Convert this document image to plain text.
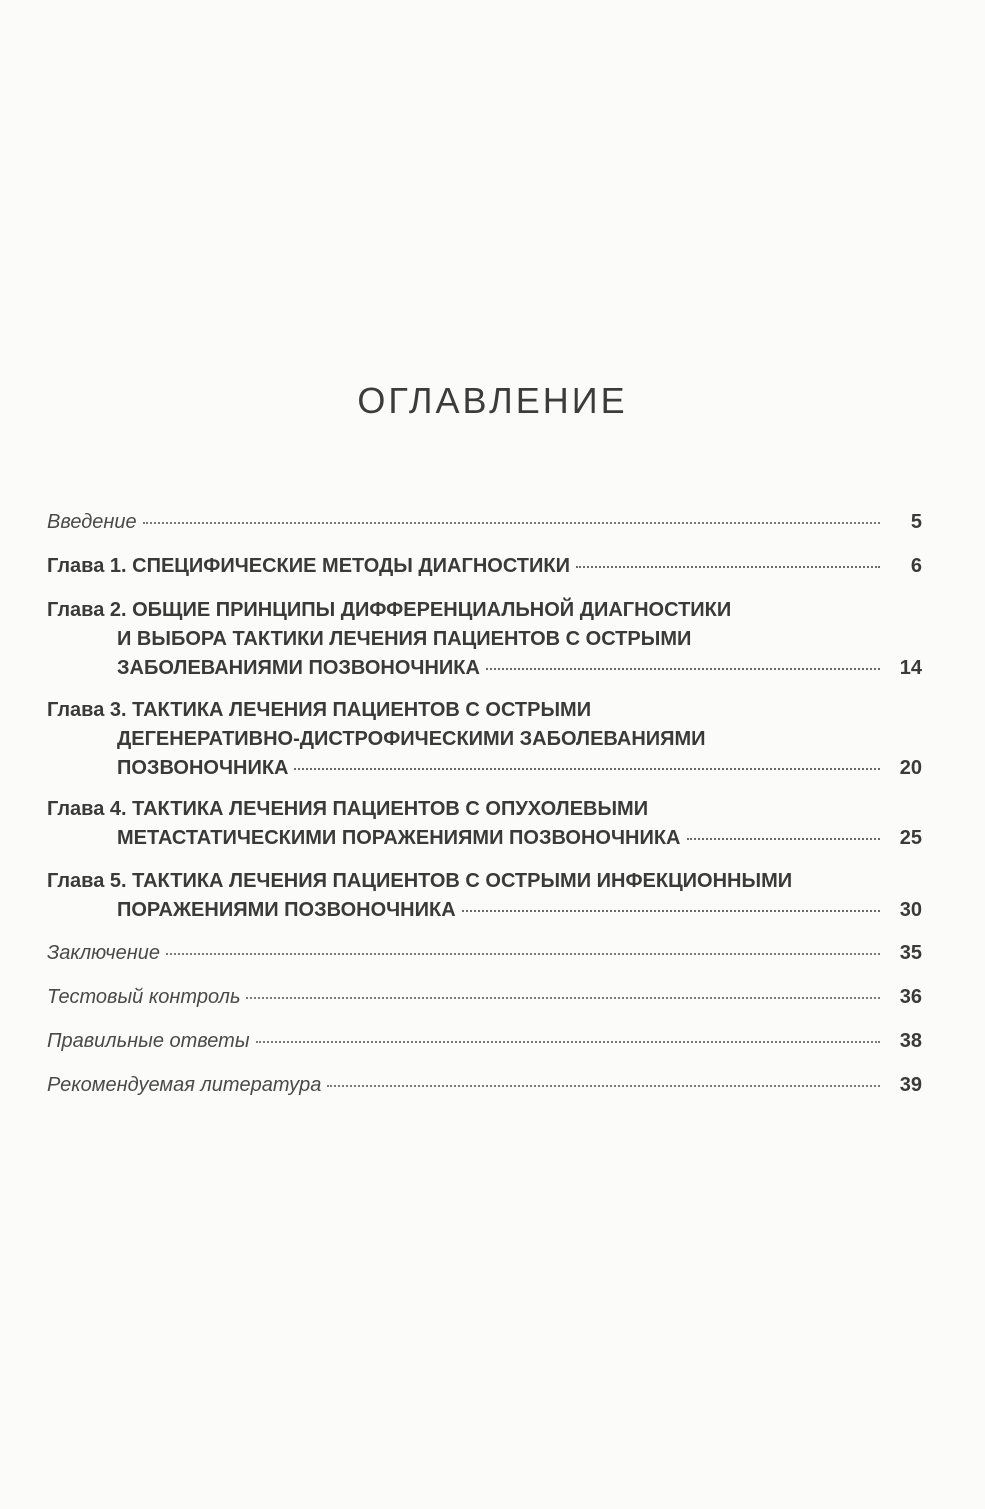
ОГЛАВЛЕНИЕ
Введение	5
Глава 1. СПЕЦИФИЧЕСКИЕ МЕТОДЫ ДИАГНОСТИКИ	6
Глава 2. ОБЩИЕ ПРИНЦИПЫ ДИФФЕРЕНЦИАЛЬНОЙ ДИАГНОСТИКИ
И ВЫБОРА ТАКТИКИ ЛЕЧЕНИЯ ПАЦИЕНТОВ С ОСТРЫМИ
ЗАБОЛЕВАНИЯМИ ПОЗВОНОЧНИКА	14
Глава 3. ТАКТИКА ЛЕЧЕНИЯ ПАЦИЕНТОВ С ОСТРЫМИ
ДЕГЕНЕРАТИВНО-ДИСТРОФИЧЕСКИМИ ЗАБОЛЕВАНИЯМИ
ПОЗВОНОЧНИКА	20
Глава 4. ТАКТИКА ЛЕЧЕНИЯ ПАЦИЕНТОВ С ОПУХОЛЕВЫМИ
МЕТАСТАТИЧЕСКИМИ ПОРАЖЕНИЯМИ ПОЗВОНОЧНИКА	25
Глава 5. ТАКТИКА ЛЕЧЕНИЯ ПАЦИЕНТОВ С ОСТРЫМИ ИНФЕКЦИОННЫМИ
ПОРАЖЕНИЯМИ ПОЗВОНОЧНИКА	30
Заключение	35
Тестовый контроль	36
Правильные ответы	38
Рекомендуемая литература	39
